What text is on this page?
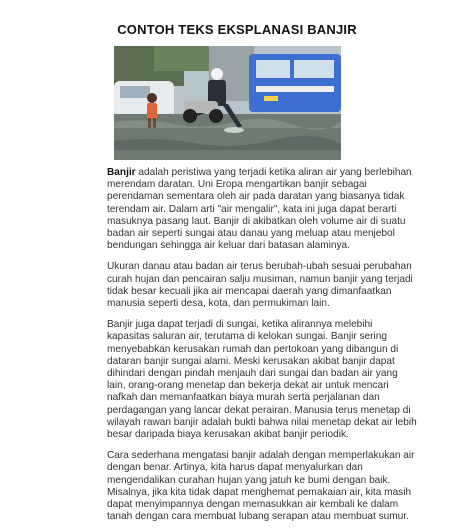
CONTOH TEKS EKSPLANASI BANJIR

Banjir adalah peristiwa yang terjadi ketika aliran air yang berlebihan merendam daratan. Uni Eropa mengartikan banjir sebagai perendaman sementara oleh air pada daratan yang biasanya tidak terendam air. Dalam arti "air mengalir", kata ini juga dapat berarti masuknya pasang laut. Banjir di akibatkan oleh volume air di suatu badan air seperti sungai atau danau yang meluap atau menjebol bendungan sehingga air keluar dari batasan alaminya.

Ukuran danau atau badan air terus berubah-ubah sesuai perubahan curah hujan dan pencairan salju musiman, namun banjir yang terjadi tidak besar kecuali jika air mencapai daerah yang dimanfaatkan manusia seperti desa, kota, dan permukiman lain.

Banjir juga dapat terjadi di sungai, ketika alirannya melebihi kapasitas saluran air, terutama di kelokan sungai. Banjir sering menyebabkan kerusakan rumah dan pertokoan yang dibangun di dataran banjir sungai alami. Meski kerusakan akibat banjir dapat dihindari dengan pindah menjauh dari sungai dan badan air yang lain, orang-orang menetap dan bekerja dekat air untuk mencari nafkah dan memanfaatkan biaya murah serta perjalanan dan perdagangan yang lancar dekat perairan. Manusia terus menetap di wilayah rawan banjir adalah bukti bahwa nilai menetap dekat air lebih besar daripada biaya kerusakan akibat banjir periodik.

Cara sederhana mengatasi banjir adalah dengan memperlakukan air dengan benar. Artinya, kita harus dapat menyalurkan dan mengendalikan curahan hujan yang jatuh ke bumi dengan baik. Misalnya, jika kita tidak dapat menghemat pemakaian air, kita masih dapat menyimpannya dengan memasukkan air kembali ke dalam tanah dengan cara membuat lubang serapan atau membuat sumur.
